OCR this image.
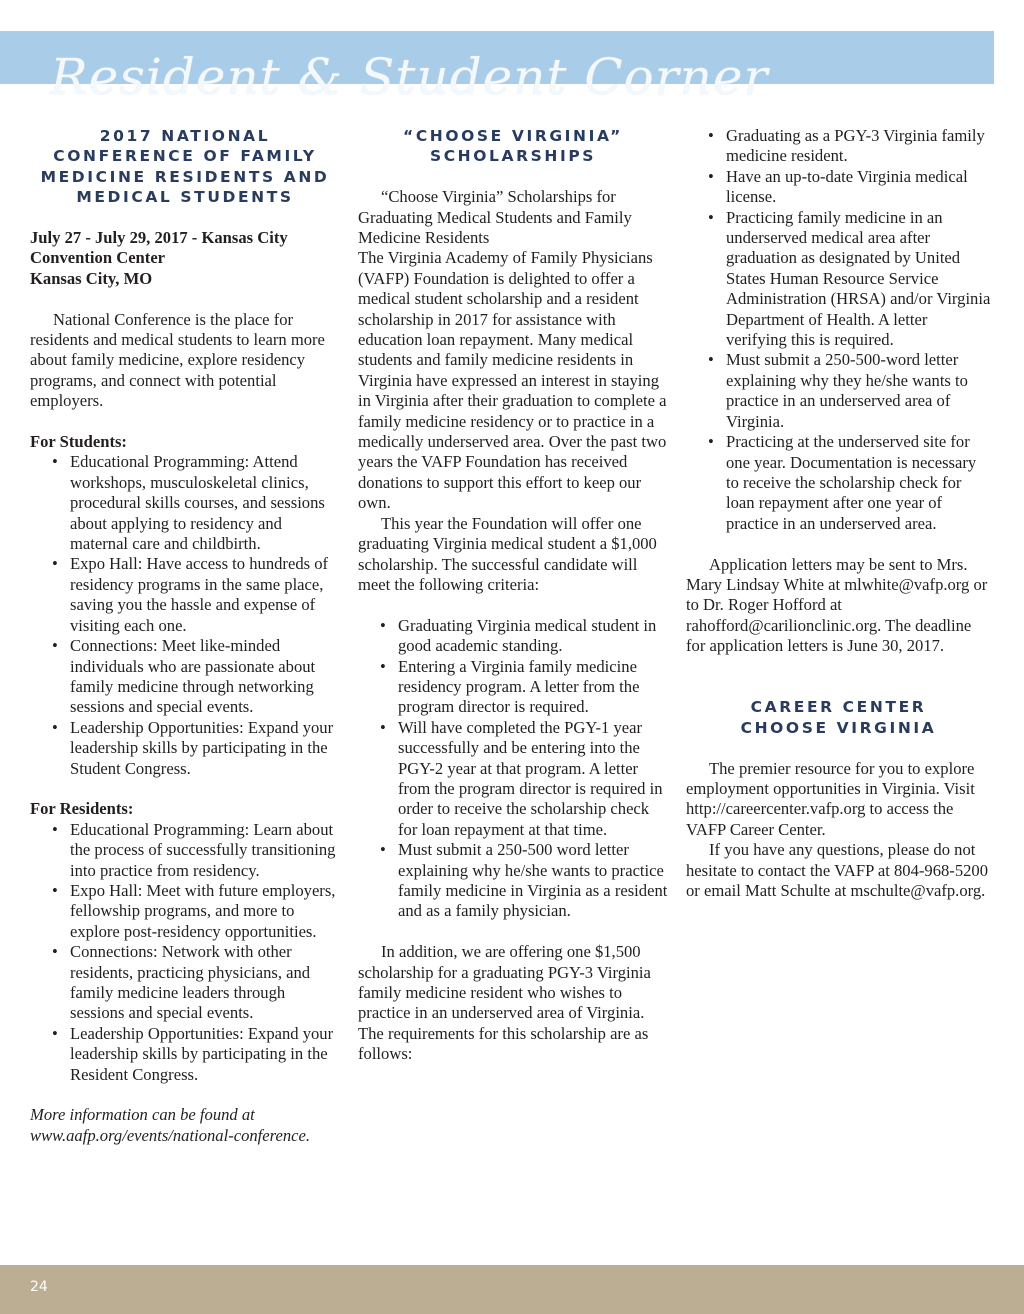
Resident & Student Corner
2017 NATIONAL CONFERENCE OF FAMILY MEDICINE RESIDENTS AND MEDICAL STUDENTS

July 27 - July 29, 2017 - Kansas City

Convention Center

Kansas City, MO

National Conference is the place for residents and medical students to learn more about family medicine, explore residency programs, and connect with potential employers.

For Students:

• Educational Programming: Attend workshops, musculoskeletal clinics, procedural skills courses, and sessions about applying to residency and maternal care and childbirth.
• Expo Hall: Have access to hundreds of residency programs in the same place, saving you the hassle and expense of visiting each one.
• Connections: Meet like-minded individuals who are passionate about family medicine through networking sessions and special events.
• Leadership Opportunities: Expand your leadership skills by participating in the Student Congress.

For Residents:

• Educational Programming: Learn about the process of successfully transitioning into practice from residency.
• Expo Hall: Meet with future employers, fellowship programs, and more to explore post-residency opportunities.
• Connections: Network with other residents, practicing physicians, and family medicine leaders through sessions and special events.
• Leadership Opportunities: Expand your leadership skills by participating in the Resident Congress.

More information can be found at www.aafp.org/events/national-conference.

“CHOOSE VIRGINIA”
SCHOLARSHIPS

“Choose Virginia” Scholarships for Graduating Medical Students and Family Medicine Residents

The Virginia Academy of Family Physicians (VAFP) Foundation is delighted to offer a medical student scholarship and a resident scholarship in 2017 for assistance with education loan repayment. Many medical students and family medicine residents in Virginia have expressed an interest in staying in Virginia after their graduation to complete a family medicine residency or to practice in a medically underserved area. Over the past two years the VAFP Foundation has received donations to support this effort to keep our own.

This year the Foundation will offer one graduating Virginia medical student a $1,000 scholarship. The successful candidate will meet the following criteria:

• Graduating Virginia medical student in good academic standing.
• Entering a Virginia family medicine residency program. A letter from the program director is required.
• Will have completed the PGY-1 year successfully and be entering into the PGY-2 year at that program. A letter from the program director is required in order to receive the scholarship check for loan repayment at that time.
• Must submit a 250-500 word letter explaining why he/she wants to practice family medicine in Virginia as a resident and as a family physician.

In addition, we are offering one $1,500 scholarship for a graduating PGY-3 Virginia family medicine resident who wishes to practice in an underserved area of Virginia. The requirements for this scholarship are as follows:

• Graduating as a PGY-3 Virginia family medicine resident.
• Have an up-to-date Virginia medical license.
• Practicing family medicine in an underserved medical area after graduation as designated by United States Human Resource Service Administration (HRSA) and/or Virginia Department of Health. A letter verifying this is required.
• Must submit a 250-500-word letter explaining why they he/she wants to practice in an underserved area of Virginia.
• Practicing at the underserved site for one year. Documentation is necessary to receive the scholarship check for loan repayment after one year of practice in an underserved area.

Application letters may be sent to Mrs. Mary Lindsay White at mlwhite@vafp.org or to Dr. Roger Hofford at rahofford@carilionclinic.org. The deadline for application letters is June 30, 2017.

CAREER CENTER
CHOOSE VIRGINIA

The premier resource for you to explore employment opportunities in Virginia. Visit http://careercenter.vafp.org to access the VAFP Career Center.

If you have any questions, please do not hesitate to contact the VAFP at 804-968-5200 or email Matt Schulte at mschulte@vafp.org.

24
